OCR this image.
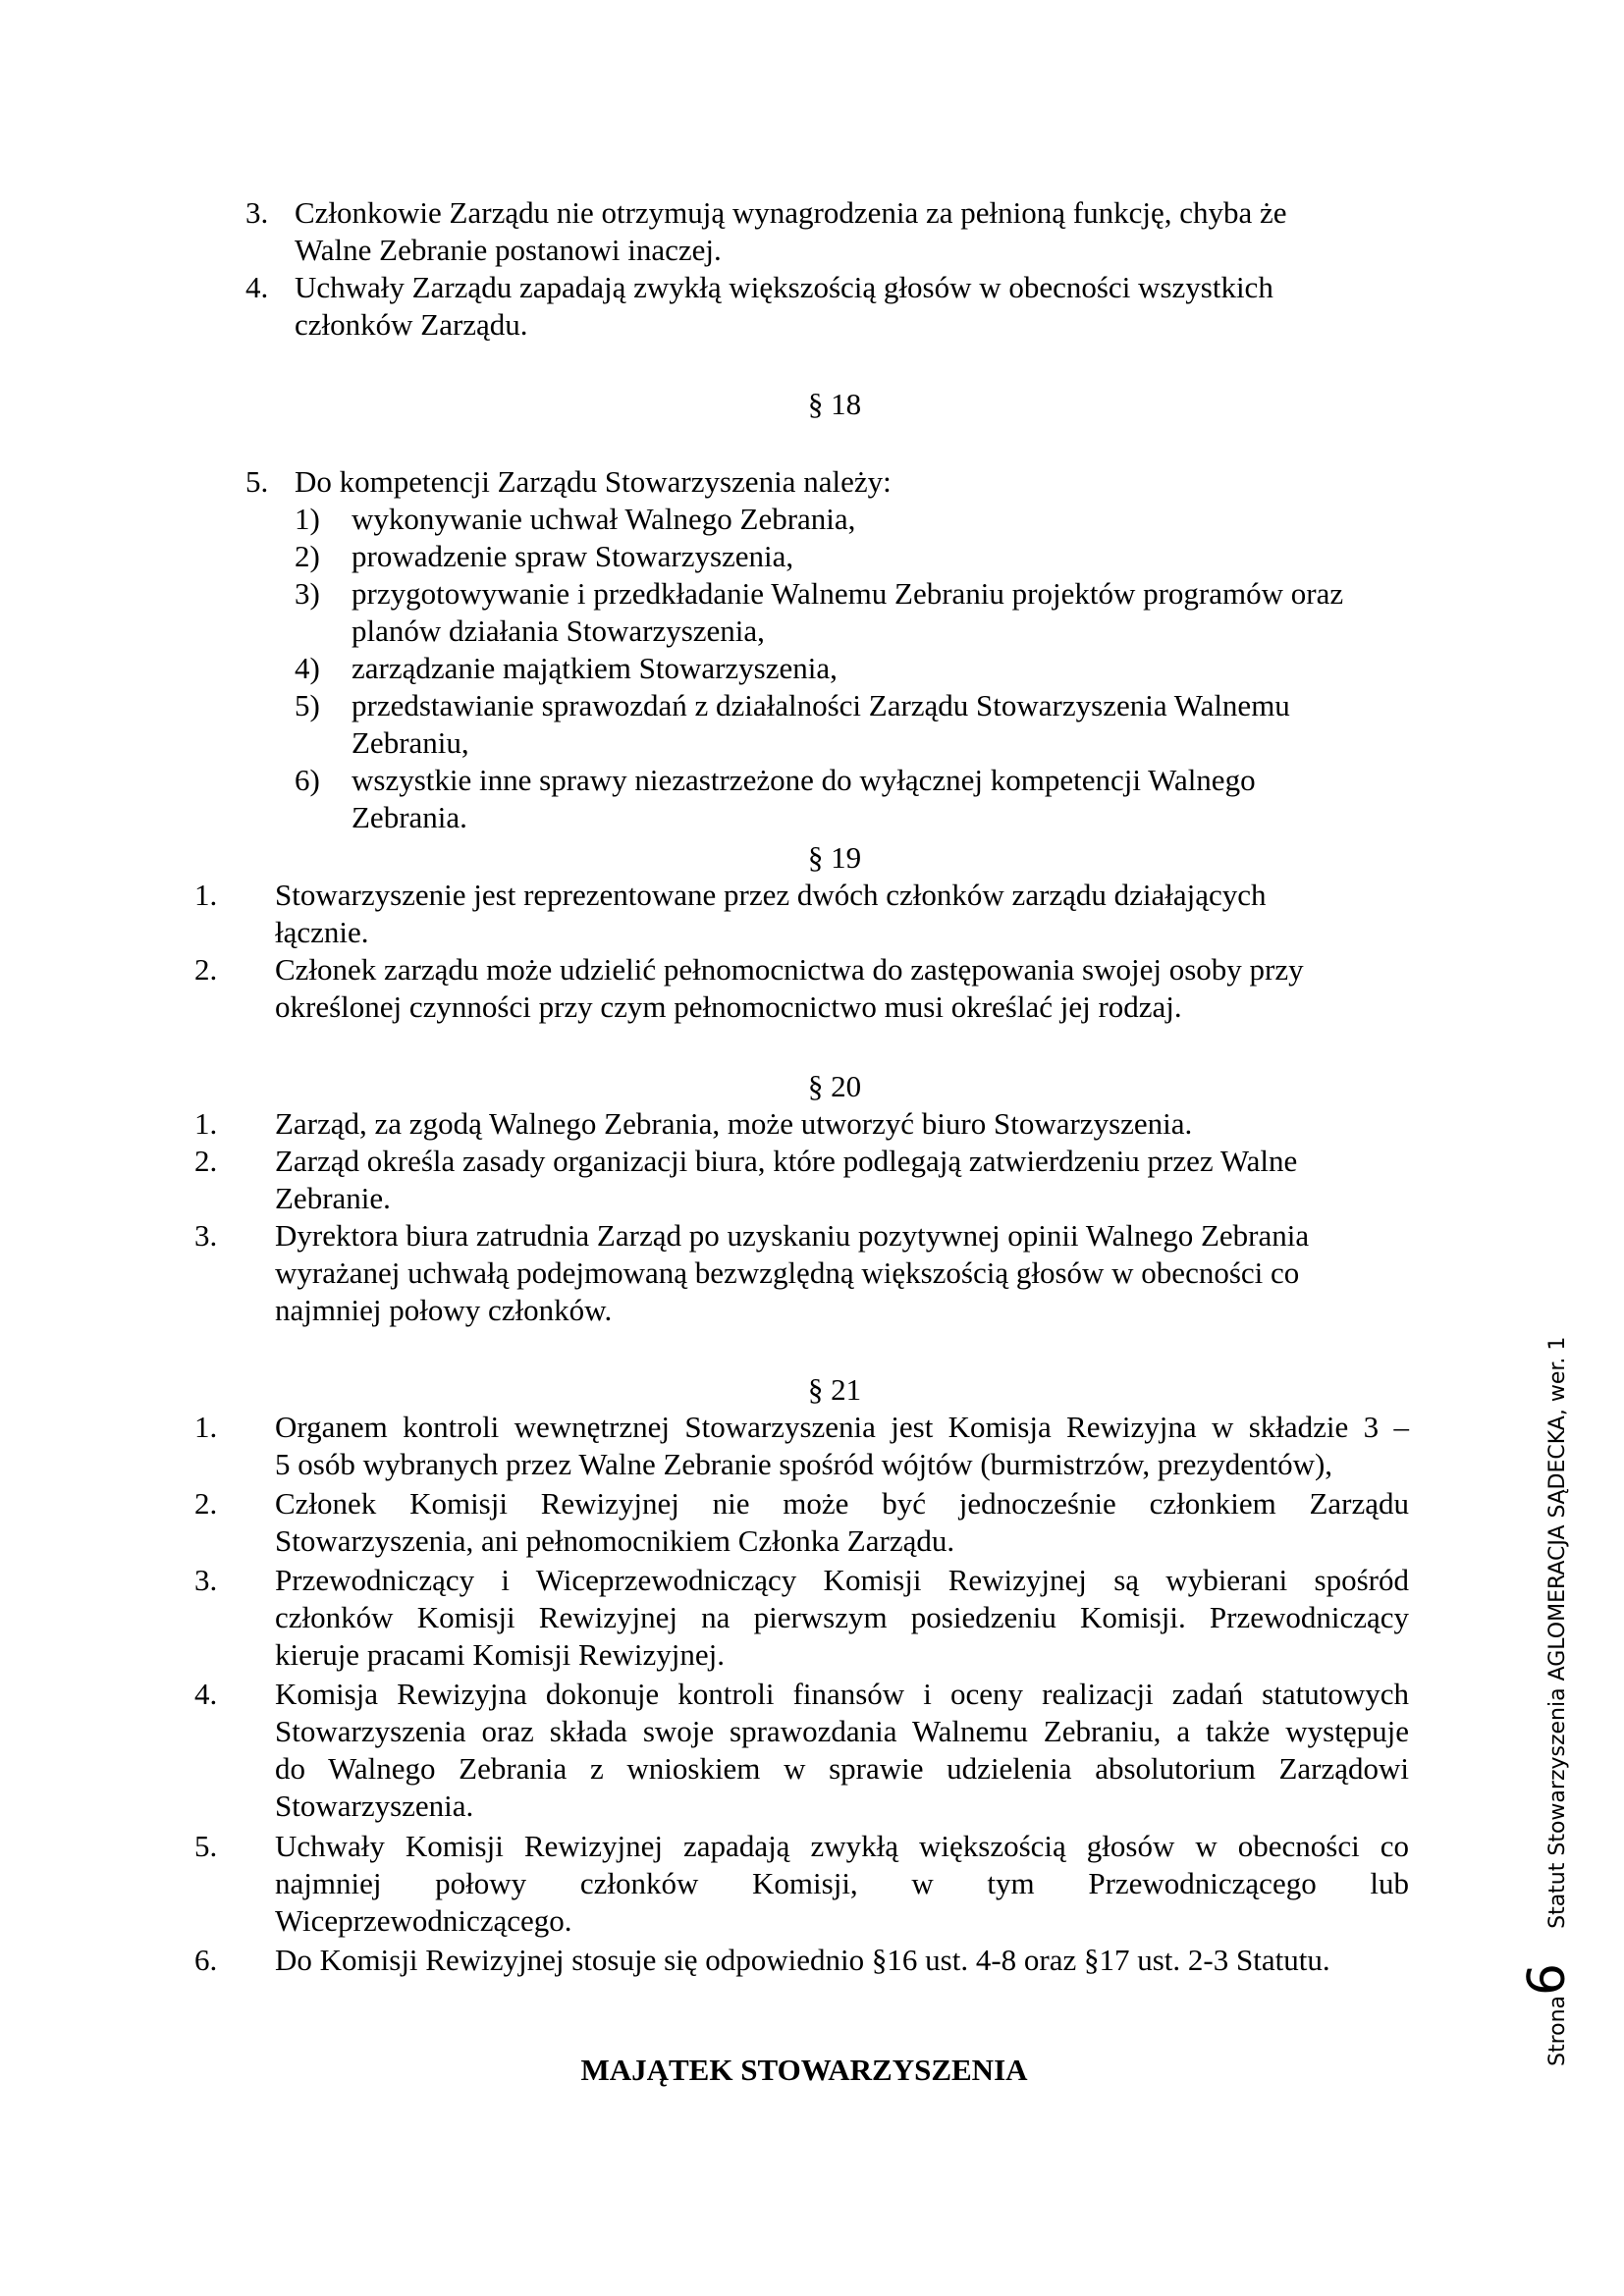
3. Członkowie Zarządu nie otrzymują wynagrodzenia za pełnioną funkcję, chyba że
Walne Zebranie postanowi inaczej.
4. Uchwały Zarządu zapadają zwykłą większością głosów w obecności wszystkich
członków Zarządu.
§ 18
5. Do kompetencji Zarządu Stowarzyszenia należy:
1) wykonywanie uchwał Walnego Zebrania,
2) prowadzenie spraw Stowarzyszenia,
3) przygotowywanie i przedkładanie Walnemu Zebraniu projektów programów oraz
planów działania Stowarzyszenia,
4) zarządzanie majątkiem Stowarzyszenia,
5) przedstawianie sprawozdań z działalności Zarządu Stowarzyszenia Walnemu
Zebraniu,
6) wszystkie inne sprawy niezastrzeżone do wyłącznej kompetencji Walnego
Zebrania.
§ 19
1. Stowarzyszenie jest reprezentowane przez dwóch członków zarządu działających
łącznie.
2. Członek zarządu może udzielić pełnomocnictwa do zastępowania swojej osoby przy
określonej czynności przy czym pełnomocnictwo musi określać jej rodzaj.
§ 20
1. Zarząd, za zgodą Walnego Zebrania, może utworzyć biuro Stowarzyszenia.
2. Zarząd określa zasady organizacji biura, które podlegają zatwierdzeniu przez Walne
Zebranie.
3. Dyrektora biura zatrudnia Zarząd po uzyskaniu pozytywnej opinii Walnego Zebrania
wyrażanej uchwałą podejmowaną bezwzględną większością głosów w obecności co
najmniej połowy członków.
§ 21
1. Organem kontroli wewnętrznej Stowarzyszenia jest Komisja Rewizyjna w składzie 3 –
5 osób wybranych przez Walne Zebranie spośród wójtów (burmistrzów, prezydentów),
2. Członek Komisji Rewizyjnej nie może być jednocześnie członkiem Zarządu
Stowarzyszenia, ani pełnomocnikiem Członka Zarządu.
3. Przewodniczący i Wiceprzewodniczący Komisji Rewizyjnej są wybierani spośród
członków Komisji Rewizyjnej na pierwszym posiedzeniu Komisji. Przewodniczący
kieruje pracami Komisji Rewizyjnej.
4. Komisja Rewizyjna dokonuje kontroli finansów i oceny realizacji zadań statutowych
Stowarzyszenia oraz składa swoje sprawozdania Walnemu Zebraniu, a także występuje
do Walnego Zebrania z wnioskiem w sprawie udzielenia absolutorium Zarządowi
Stowarzyszenia.
5. Uchwały Komisji Rewizyjnej zapadają zwykłą większością głosów w obecności co
najmniej połowy członków Komisji, w tym Przewodniczącego lub
Wiceprzewodniczącego.
6. Do Komisji Rewizyjnej stosuje się odpowiednio §16 ust. 4-8 oraz §17 ust. 2-3 Statutu.
MAJĄTEK STOWARZYSZENIA
Strona6     Statut Stowarzyszenia AGLOMERACJA SĄDECKA, wer. 1
